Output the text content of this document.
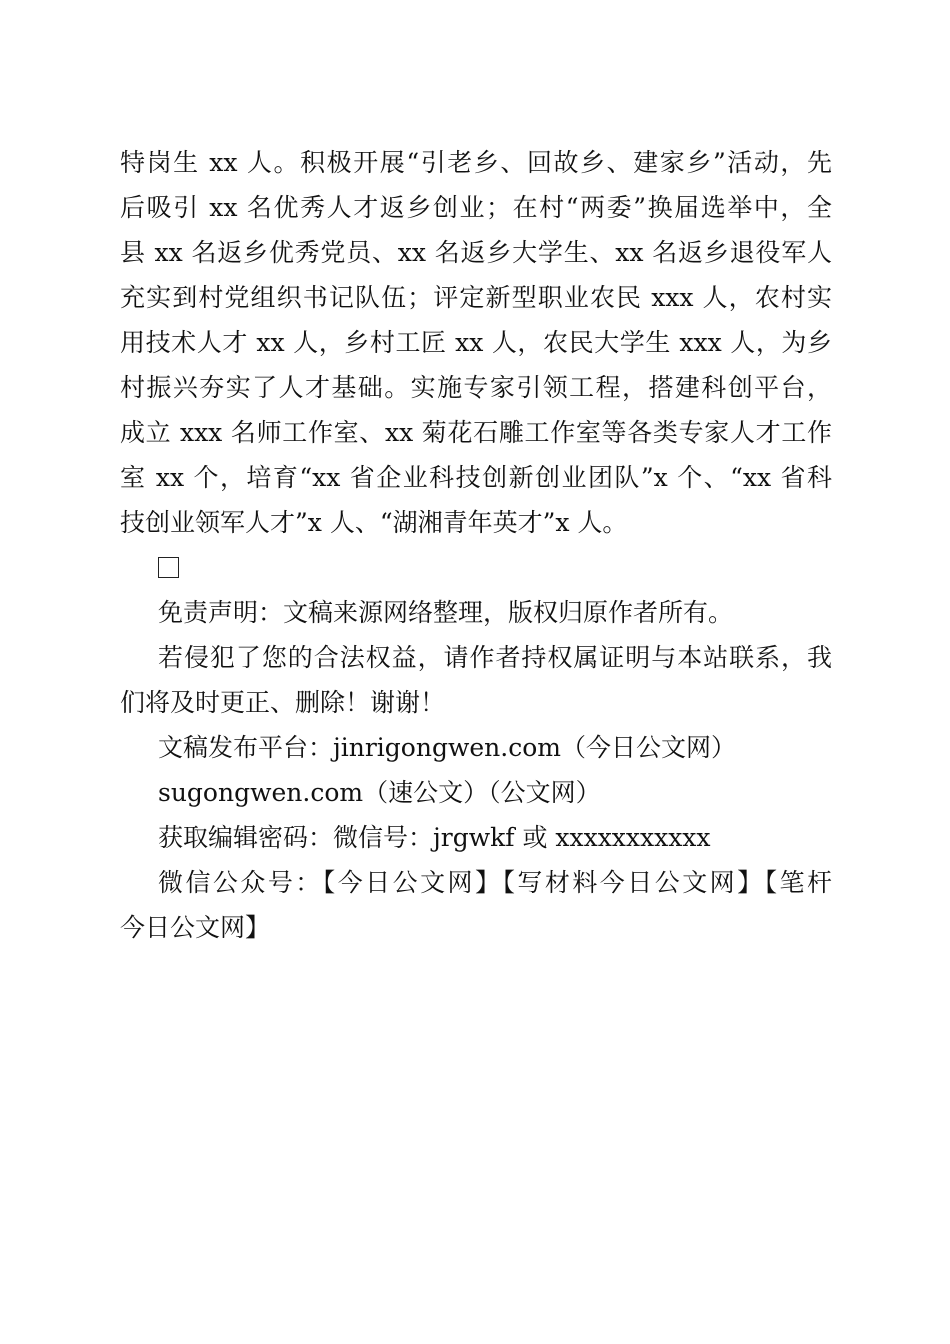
特岗生 xx 人。积极开展“引老乡、回故乡、建家乡”活动，先
后吸引 xx 名优秀人才返乡创业；在村“两委”换届选举中，全
县 xx 名返乡优秀党员、xx 名返乡大学生、xx 名返乡退役军人
充实到村党组织书记队伍；评定新型职业农民 xxx 人，农村实
用技术人才 xx 人，乡村工匠 xx 人，农民大学生 xxx 人，为乡
村振兴夯实了人才基础。实施专家引领工程，搭建科创平台，
成立 xxx 名师工作室、xx 菊花石雕工作室等各类专家人才工作
室 xx 个，培育“xx 省企业科技创新创业团队”x 个、“xx 省科
技创业领军人才”x 人、“湖湘青年英才”x 人。
免责声明：文稿来源网络整理，版权归原作者所有。
若侵犯了您的合法权益，请作者持权属证明与本站联系，我
们将及时更正、删除！谢谢！
文稿发布平台：jinrigongwen.com（今日公文网）
sugongwen.com（速公文）（公文网）
获取编辑密码：微信号：jrgwkf 或 xxxxxxxxxxx
微信公众号：【今日公文网】【写材料今日公文网】【笔杆
今日公文网】
